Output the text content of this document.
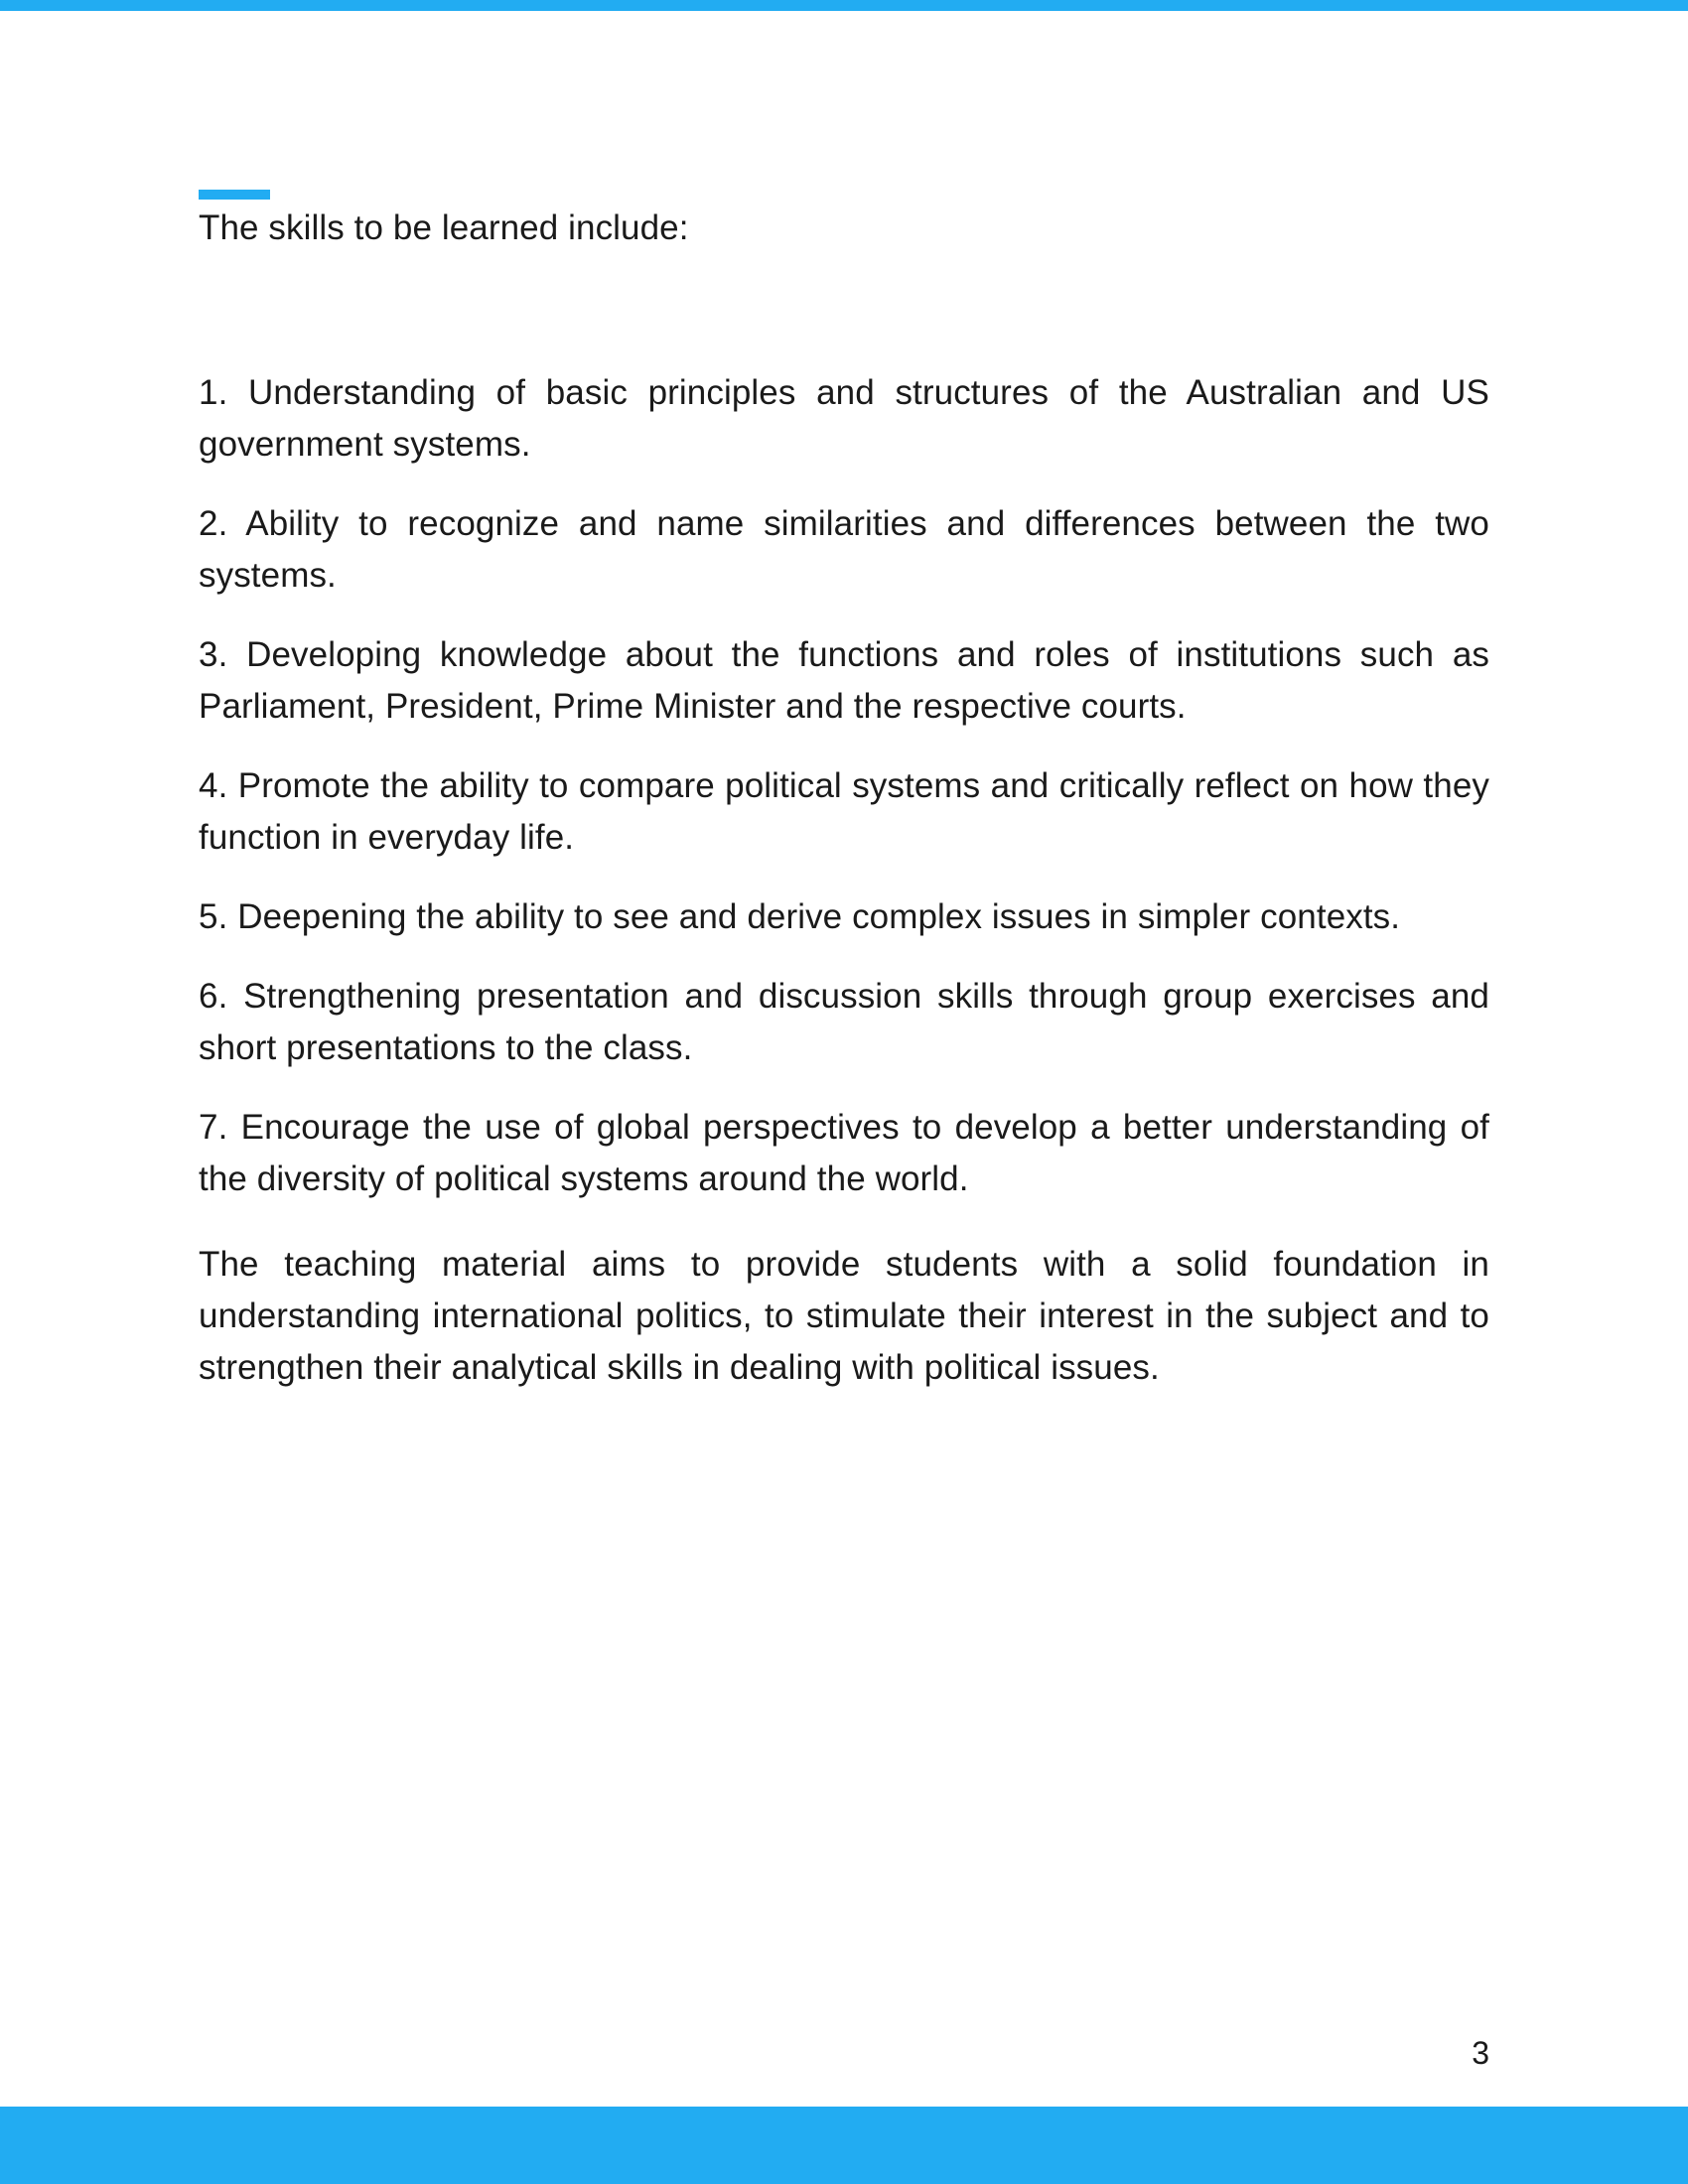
The skills to be learned include:

1. Understanding of basic principles and structures of the Australian and US government systems.

2. Ability to recognize and name similarities and differences between the two systems.

3. Developing knowledge about the functions and roles of institutions such as Parliament, President, Prime Minister and the respective courts.

4. Promote the ability to compare political systems and critically reflect on how they function in everyday life.

5. Deepening the ability to see and derive complex issues in simpler contexts.

6. Strengthening presentation and discussion skills through group exercises and short presentations to the class.

7. Encourage the use of global perspectives to develop a better understanding of the diversity of political systems around the world.

The teaching material aims to provide students with a solid foundation in understanding international politics, to stimulate their interest in the subject and to strengthen their analytical skills in dealing with political issues.

3
